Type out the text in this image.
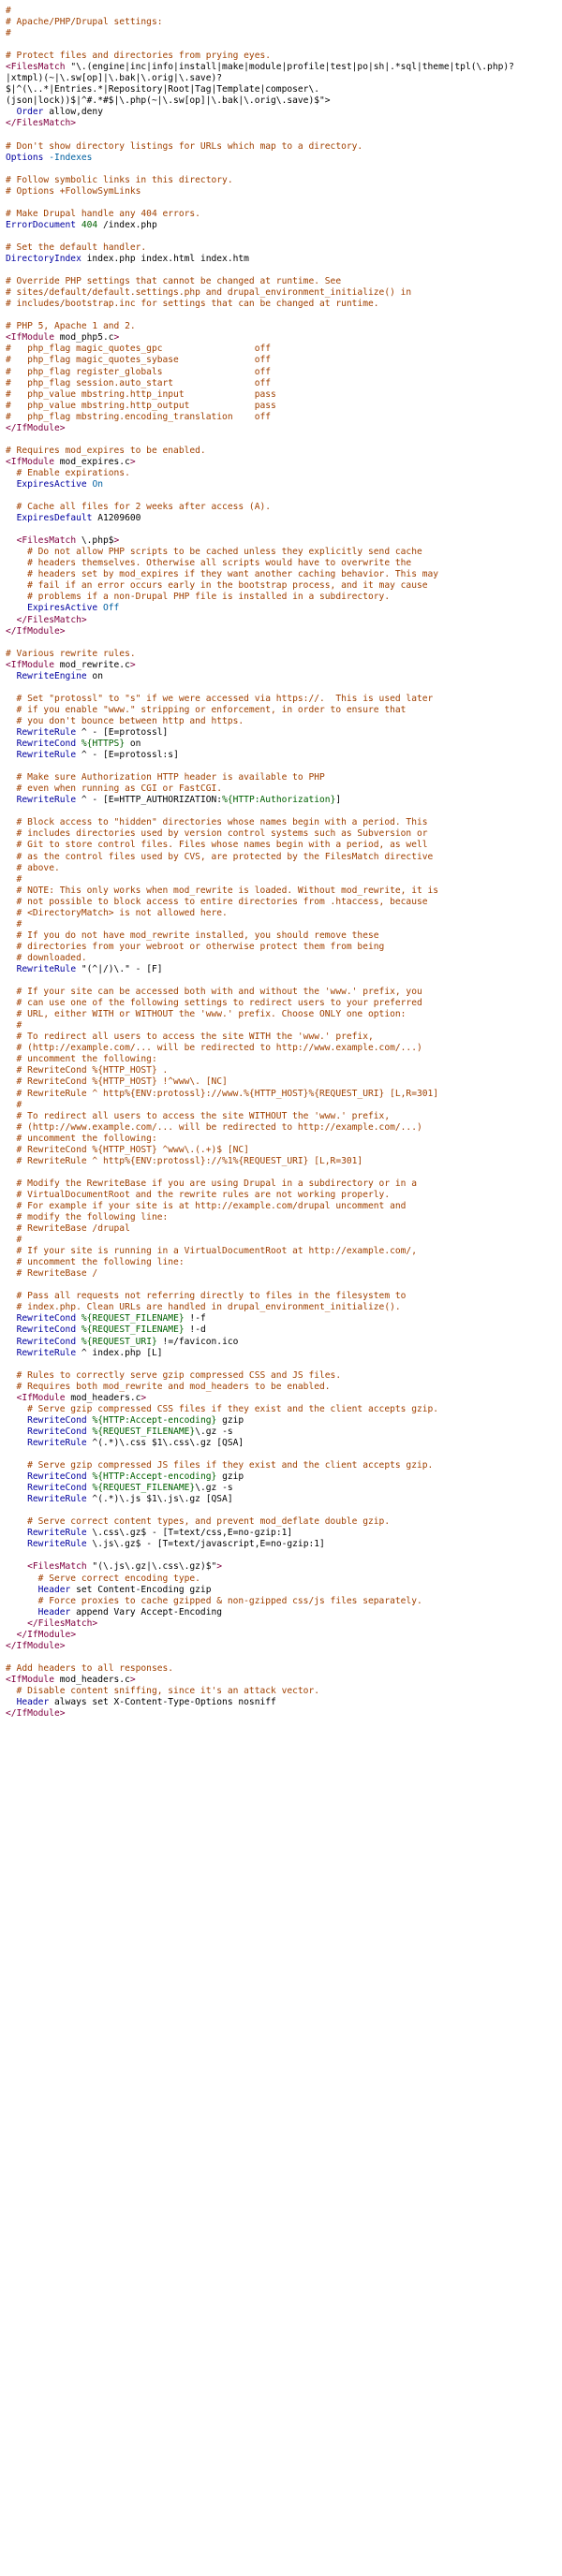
#
# Apache/PHP/Drupal settings:
#
# Protect files and directories from prying eyes.
<FilesMatch "\.(engine|inc|info|install|make|module|profile|test|po|sh|.*sql|theme|tpl(\.php)?
|xtmpl)(~|\.sw[op]|\.bak|\.orig|\.save)?
$|^(\..*|Entries.*|Repository|Root|Tag|Template|composer\.
(json|lock))$|^#.*#$|\.php(~|\.sw[op]|\.bak|\.orig\.save)$">
Order allow,deny
</FilesMatch>
# Don't show directory listings for URLs which map to a directory.
Options -Indexes
# Follow symbolic links in this directory.
# Options +FollowSymLinks
# Make Drupal handle any 404 errors.
ErrorDocument 404 /index.php
# Set the default handler.
DirectoryIndex index.php index.html index.htm
# Override PHP settings that cannot be changed at runtime. See
# sites/default/default.settings.php and drupal_environment_initialize() in
# includes/bootstrap.inc for settings that can be changed at runtime.
# PHP 5, Apache 1 and 2.
<IfModule mod_php5.c>
#   php_flag magic_quotes_gpc                 off
#   php_flag magic_quotes_sybase              off
#   php_flag register_globals                 off
#   php_flag session.auto_start               off
#   php_value mbstring.http_input             pass
#   php_value mbstring.http_output            pass
#   php_flag mbstring.encoding_translation    off
</IfModule>
# Requires mod_expires to be enabled.
<IfModule mod_expires.c>
# Enable expirations.
ExpiresActive On
# Cache all files for 2 weeks after access (A).
ExpiresDefault A1209600
<FilesMatch \.php$>
# Do not allow PHP scripts to be cached unless they explicitly send cache
# headers themselves. Otherwise all scripts would have to overwrite the
# headers set by mod_expires if they want another caching behavior. This may
# fail if an error occurs early in the bootstrap process, and it may cause
# problems if a non-Drupal PHP file is installed in a subdirectory.
ExpiresActive Off
</FilesMatch>
</IfModule>
# Various rewrite rules.
<IfModule mod_rewrite.c>
RewriteEngine on
# Set "protossl" to "s" if we were accessed via https://.  This is used later
# if you enable "www." stripping or enforcement, in order to ensure that
# you don't bounce between http and https.
RewriteRule ^ - [E=protossl]
RewriteCond %{HTTPS} on
RewriteRule ^ - [E=protossl:s]
# Make sure Authorization HTTP header is available to PHP
# even when running as CGI or FastCGI.
RewriteRule ^ - [E=HTTP_AUTHORIZATION:%{HTTP:Authorization}]
# Block access to "hidden" directories whose names begin with a period. This
# includes directories used by version control systems such as Subversion or
# Git to store control files. Files whose names begin with a period, as well
# as the control files used by CVS, are protected by the FilesMatch directive
# above.
#
# NOTE: This only works when mod_rewrite is loaded. Without mod_rewrite, it is
# not possible to block access to entire directories from .htaccess, because
# <DirectoryMatch> is not allowed here.
#
# If you do not have mod_rewrite installed, you should remove these
# directories from your webroot or otherwise protect them from being
# downloaded.
RewriteRule "(^|/)\." - [F]
# If your site can be accessed both with and without the 'www.' prefix, you
# can use one of the following settings to redirect users to your preferred
# URL, either WITH or WITHOUT the 'www.' prefix. Choose ONLY one option:
#
# To redirect all users to access the site WITH the 'www.' prefix,
# (http://example.com/... will be redirected to http://www.example.com/...)
# uncomment the following:
# RewriteCond %{HTTP_HOST} .
# RewriteCond %{HTTP_HOST} !^www\. [NC]
# RewriteRule ^ http%{ENV:protossl}://www.%{HTTP_HOST}%{REQUEST_URI} [L,R=301]
#
# To redirect all users to access the site WITHOUT the 'www.' prefix,
# (http://www.example.com/... will be redirected to http://example.com/...)
# uncomment the following:
# RewriteCond %{HTTP_HOST} ^www\.(.+)$ [NC]
# RewriteRule ^ http%{ENV:protossl}://%1%{REQUEST_URI} [L,R=301]
# Modify the RewriteBase if you are using Drupal in a subdirectory or in a
# VirtualDocumentRoot and the rewrite rules are not working properly.
# For example if your site is at http://example.com/drupal uncomment and
# modify the following line:
# RewriteBase /drupal
#
# If your site is running in a VirtualDocumentRoot at http://example.com/,
# uncomment the following line:
# RewriteBase /
# Pass all requests not referring directly to files in the filesystem to
# index.php. Clean URLs are handled in drupal_environment_initialize().
RewriteCond %{REQUEST_FILENAME} !-f
RewriteCond %{REQUEST_FILENAME} !-d
RewriteCond %{REQUEST_URI} !=/favicon.ico
RewriteRule ^ index.php [L]
# Rules to correctly serve gzip compressed CSS and JS files.
# Requires both mod_rewrite and mod_headers to be enabled.
<IfModule mod_headers.c>
# Serve gzip compressed CSS files if they exist and the client accepts gzip.
RewriteCond %{HTTP:Accept-encoding} gzip
RewriteCond %{REQUEST_FILENAME}\.gz -s
RewriteRule ^(.*)\.css $1\.css\.gz [QSA]
# Serve gzip compressed JS files if they exist and the client accepts gzip.
RewriteCond %{HTTP:Accept-encoding} gzip
RewriteCond %{REQUEST_FILENAME}\.gz -s
RewriteRule ^(.*)\.js $1\.js\.gz [QSA]
# Serve correct content types, and prevent mod_deflate double gzip.
RewriteRule \.css\.gz$ - [T=text/css,E=no-gzip:1]
RewriteRule \.js\.gz$ - [T=text/javascript,E=no-gzip:1]
<FilesMatch "(\.js\.gz|\.css\.gz)$">
# Serve correct encoding type.
Header set Content-Encoding gzip
# Force proxies to cache gzipped & non-gzipped css/js files separately.
Header append Vary Accept-Encoding
</FilesMatch>
</IfModule>
</IfModule>
# Add headers to all responses.
<IfModule mod_headers.c>
# Disable content sniffing, since it's an attack vector.
Header always set X-Content-Type-Options nosniff
</IfModule>
